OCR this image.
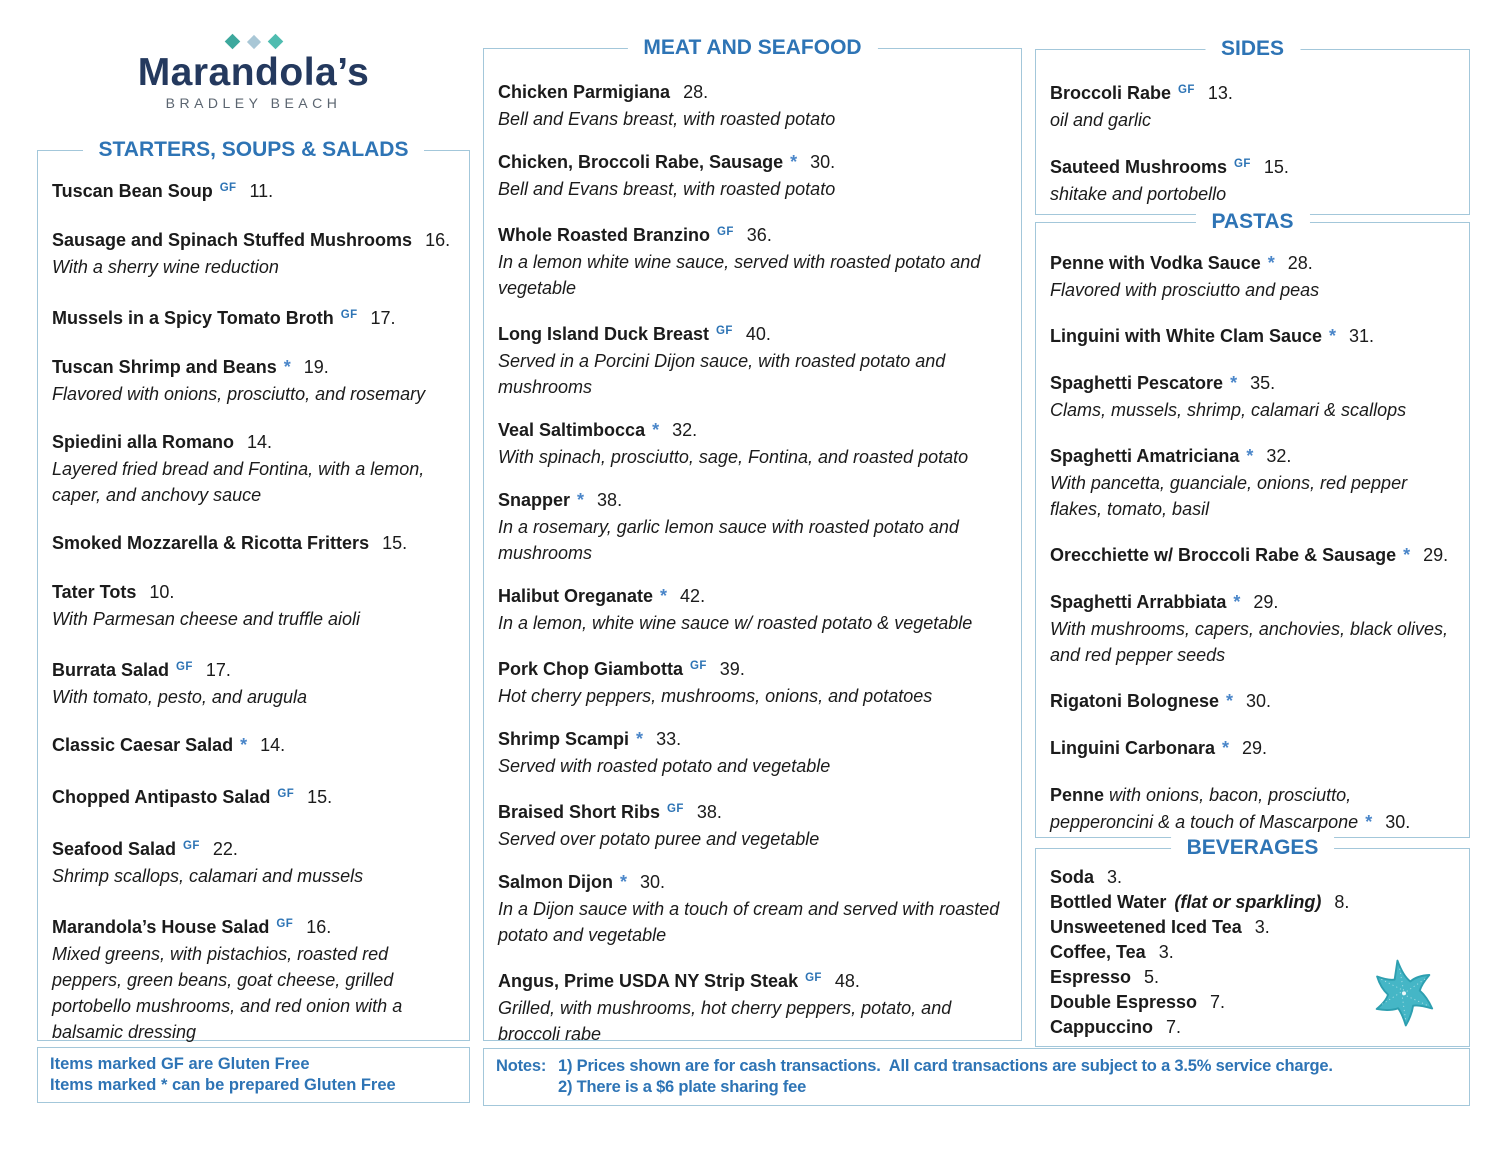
Marandola’s
BRADLEY BEACH
STARTERS, SOUPS & SALADS
Tuscan Bean Soup $^{GF}$ 11.
Sausage and Spinach Stuffed Mushrooms 16.
With a sherry wine reduction
Mussels in a Spicy Tomato Broth $^{GF}$ 17.
Tuscan Shrimp and Beans * 19.
Flavored with onions, prosciutto, and rosemary
Spiedini alla Romano 14.
Layered fried bread and Fontina, with a lemon, caper, and anchovy sauce
Smoked Mozzarella & Ricotta Fritters 15.
Tater Tots 10.
With Parmesan cheese and truffle aioli
Burrata Salad $^{GF}$ 17.
With tomato, pesto, and arugula
Classic Caesar Salad * 14.
Chopped Antipasto Salad $^{GF}$ 15.
Seafood Salad $^{GF}$ 22.
Shrimp scallops, calamari and mussels
Marandola’s House Salad $^{GF}$ 16.
Mixed greens, with pistachios, roasted red peppers, green beans, goat cheese, grilled portobello mushrooms, and red onion with a balsamic dressing
MEAT AND SEAFOOD
Chicken Parmigiana 28.
Bell and Evans breast, with roasted potato
Chicken, Broccoli Rabe, Sausage * 30.
Bell and Evans breast, with roasted potato
Whole Roasted Branzino $^{GF}$ 36.
In a lemon white wine sauce, served with roasted potato and vegetable
Long Island Duck Breast $^{GF}$ 40.
Served in a Porcini Dijon sauce, with roasted potato and mushrooms
Veal Saltimbocca * 32.
With spinach, prosciutto, sage, Fontina, and roasted potato
Snapper * 38.
In a rosemary, garlic lemon sauce with roasted potato and mushrooms
Halibut Oreganate * 42.
In a lemon, white wine sauce w/ roasted potato & vegetable
Pork Chop Giambotta $^{GF}$ 39.
Hot cherry peppers, mushrooms, onions, and potatoes
Shrimp Scampi * 33.
Served with roasted potato and vegetable
Braised Short Ribs $^{GF}$ 38.
Served over potato puree and vegetable
Salmon Dijon * 30.
In a Dijon sauce with a touch of cream and served with roasted potato and vegetable
Angus, Prime USDA NY Strip Steak $^{GF}$ 48.
Grilled, with mushrooms, hot cherry peppers, potato, and broccoli rabe
SIDES
Broccoli Rabe $^{GF}$ 13.
oil and garlic
Sauteed Mushrooms $^{GF}$ 15.
shitake and portobello
PASTAS
Penne with Vodka Sauce * 28.
Flavored with prosciutto and peas
Linguini with White Clam Sauce * 31.
Spaghetti Pescatore * 35.
Clams, mussels, shrimp, calamari & scallops
Spaghetti Amatriciana * 32.
With pancetta, guanciale, onions, red pepper flakes, tomato, basil
Orecchiette w/ Broccoli Rabe & Sausage * 29.
Spaghetti Arrabbiata * 29.
With mushrooms, capers, anchovies, black olives, and red pepper seeds
Rigatoni Bolognese * 30.
Linguini Carbonara * 29.
Penne with onions, bacon, prosciutto, pepperoncini & a touch of Mascarpone * 30.
BEVERAGES
Soda 3.
Bottled Water (flat or sparkling) 8.
Unsweetened Iced Tea 3.
Coffee, Tea 3.
Espresso 5.
Double Espresso 7.
Cappuccino 7.
Items marked GF are Gluten Free
Items marked * can be prepared Gluten Free
Notes: 1) Prices shown are for cash transactions.  All card transactions are subject to a 3.5% service charge.
2) There is a $6 plate sharing fee
